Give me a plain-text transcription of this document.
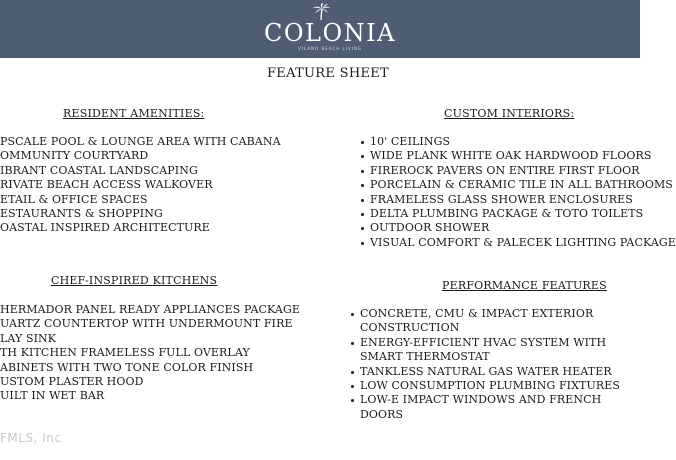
COLONIA
VILANO BEACH LIVING
FEATURE SHEET
RESIDENT AMENITIES:
PSCALE POOL & LOUNGE AREA WITH CABANA
OMMUNITY COURTYARD
IBRANT COASTAL LANDSCAPING
RIVATE BEACH ACCESS WALKOVER
ETAIL & OFFICE SPACES
ESTAURANTS & SHOPPING
OASTAL INSPIRED ARCHITECTURE
CUSTOM INTERIORS:
10' CEILINGS
WIDE PLANK WHITE OAK HARDWOOD FLOORS
FIREROCK PAVERS ON ENTIRE FIRST FLOOR
PORCELAIN & CERAMIC TILE IN ALL BATHROOMS
FRAMELESS GLASS SHOWER ENCLOSURES
DELTA PLUMBING PACKAGE & TOTO TOILETS
OUTDOOR SHOWER
VISUAL COMFORT & PALECEK LIGHTING PACKAGE
CHEF-INSPIRED KITCHENS
HERMADOR PANEL READY APPLIANCES PACKAGE
UARTZ COUNTERTOP WITH UNDERMOUNT FIRE
LAY SINK
TH KITCHEN FRAMELESS FULL OVERLAY
ABINETS WITH TWO TONE COLOR FINISH
USTOM PLASTER HOOD
UILT IN WET BAR
PERFORMANCE FEATURES
CONCRETE, CMU & IMPACT EXTERIOR CONSTRUCTION
ENERGY-EFFICIENT HVAC SYSTEM WITH SMART THERMOSTAT
TANKLESS NATURAL GAS WATER HEATER
LOW CONSUMPTION PLUMBING FIXTURES
LOW-E IMPACT WINDOWS AND FRENCH DOORS
FMLS, Inc
